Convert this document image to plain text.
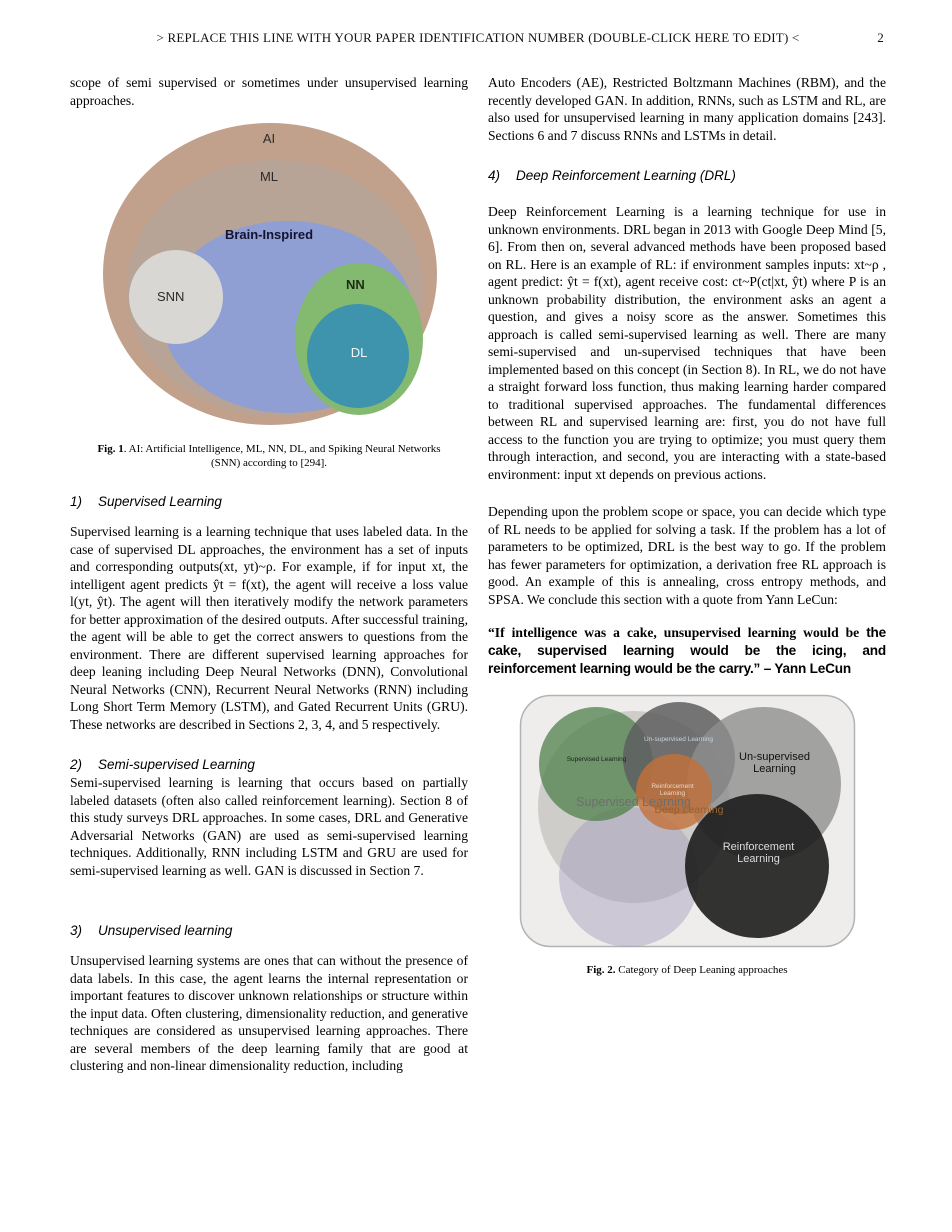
> REPLACE THIS LINE WITH YOUR PAPER IDENTIFICATION NUMBER (DOUBLE-CLICK HERE TO EDIT) <	2

scope of semi supervised or sometimes under unsupervised learning approaches.

AI
ML
Brain-Inspired
SNN
NN
DL
Fig. 1. AI: Artificial Intelligence, ML, NN, DL, and Spiking Neural Networks (SNN) according to [294].
1) Supervised Learning

Supervised learning is a learning technique that uses labeled data. In the case of supervised DL approaches, the environment has a set of inputs and corresponding outputs(xt, yt)~ρ. For example, if for input xt, the intelligent agent predicts ŷt = f(xt), the agent will receive a loss value l(yt, ŷt). The agent will then iteratively modify the network parameters for better approximation of the desired outputs. After successful training, the agent will be able to get the correct answers to questions from the environment. There are different supervised learning approaches for deep leaning including Deep Neural Networks (DNN), Convolutional Neural Networks (CNN), Recurrent Neural Networks (RNN) including Long Short Term Memory (LSTM), and Gated Recurrent Units (GRU). These networks are described in Sections 2, 3, 4, and 5 respectively.

2) Semi-supervised Learning

Semi-supervised learning is learning that occurs based on partially labeled datasets (often also called reinforcement learning). Section 8 of this study surveys DRL approaches. In some cases, DRL and Generative Adversarial Networks (GAN) are used as semi-supervised learning techniques. Additionally, RNN including LSTM and GRU are used for semi-supervised learning as well. GAN is discussed in Section 7.

3) Unsupervised learning

Unsupervised learning systems are ones that can without the presence of data labels. In this case, the agent learns the internal representation or important features to discover unknown relationships or structure within the input data. Often clustering, dimensionality reduction, and generative techniques are considered as unsupervised learning approaches. There are several members of the deep learning family that are good at clustering and non-linear dimensionality reduction, including

Auto Encoders (AE), Restricted Boltzmann Machines (RBM), and the recently developed GAN. In addition, RNNs, such as LSTM and RL, are also used for unsupervised learning in many application domains [243]. Sections 6 and 7 discuss RNNs and LSTMs in detail.

4) Deep Reinforcement Learning (DRL)

Deep Reinforcement Learning is a learning technique for use in unknown environments. DRL began in 2013 with Google Deep Mind [5, 6]. From then on, several advanced methods have been proposed based on RL. Here is an example of RL: if environment samples inputs: xt~ρ , agent predict: ŷt = f(xt), agent receive cost: ct~P(ct|xt, ŷt) where P is an unknown probability distribution, the environment asks an agent a question, and gives a noisy score as the answer. Sometimes this approach is called semi-supervised learning as well. There are many semi-supervised and un-supervised techniques that have been implemented based on this concept (in Section 8). In RL, we do not have a straight forward loss function, thus making learning harder compared to traditional supervised approaches. The fundamental differences between RL and supervised learning are: first, you do not have full access to the function you are trying to optimize; you must query them through interaction, and second, you are interacting with a state-based environment: input xt depends on previous actions.

Depending upon the problem scope or space, you can decide which type of RL needs to be applied for solving a task. If the problem has a lot of parameters to be optimized, DRL is the best way to go. If the problem has fewer parameters for optimization, a derivation free RL approach is good. An example of this is annealing, cross entropy methods, and SPSA. We conclude this section with a quote from Yann LeCun:

“If intelligence was a cake, unsupervised learning would be the cake, supervised learning would be the icing, and reinforcement learning would be the carry.” – Yann LeCun

Supervised Learning
Un-supervised Learning
Supervised Learning
Reinforcement Learning
Deep Learning
Un-supervised Learning
Reinforcement Learning
Fig. 2. Category of Deep Leaning approaches
